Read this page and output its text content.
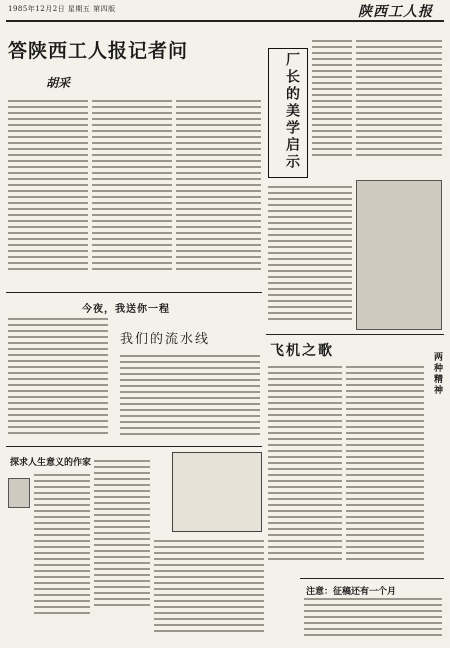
1985年12月2日 星期五 第四版	陕西工人报
答陕西工人报记者问
胡采	厂长的美学启示
今夜，我送你一程
我们的流水线
探求人生意义的作家
飞机之歌
两种精神
注意：征稿还有一个月
